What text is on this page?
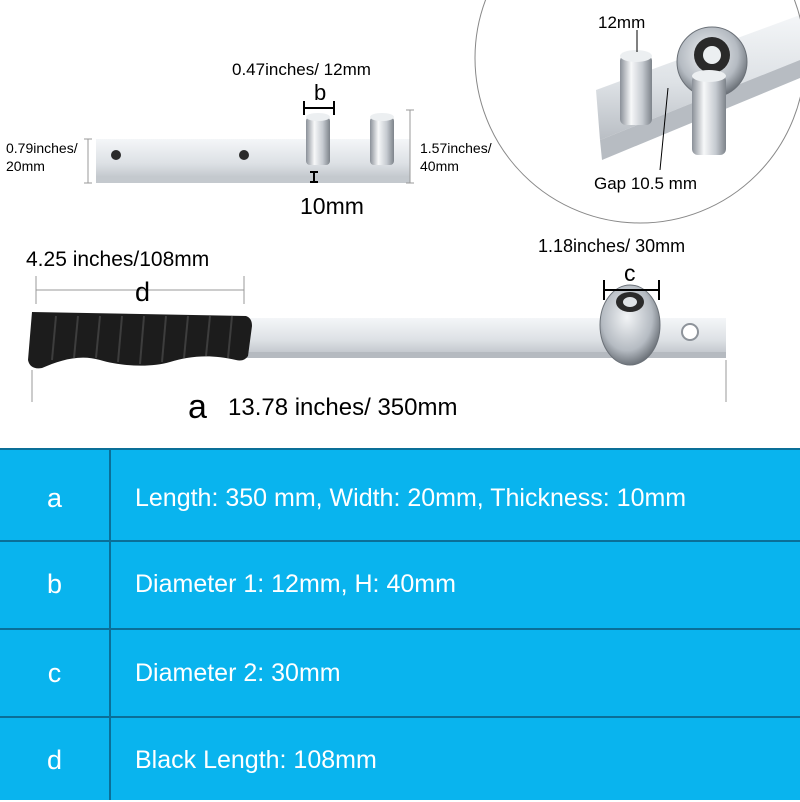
0.47inches/ 12mm
b
0.79inches/
20mm
1.57inches/
40mm
10mm
12mm
Gap 10.5 mm
4.25 inches/108mm
d
1.18inches/ 30mm
c
a 13.78 inches/ 350mm
a	Length: 350 mm, Width: 20mm, Thickness: 10mm
b	Diameter 1: 12mm, H: 40mm
c	Diameter 2: 30mm
d	Black Length: 108mm
